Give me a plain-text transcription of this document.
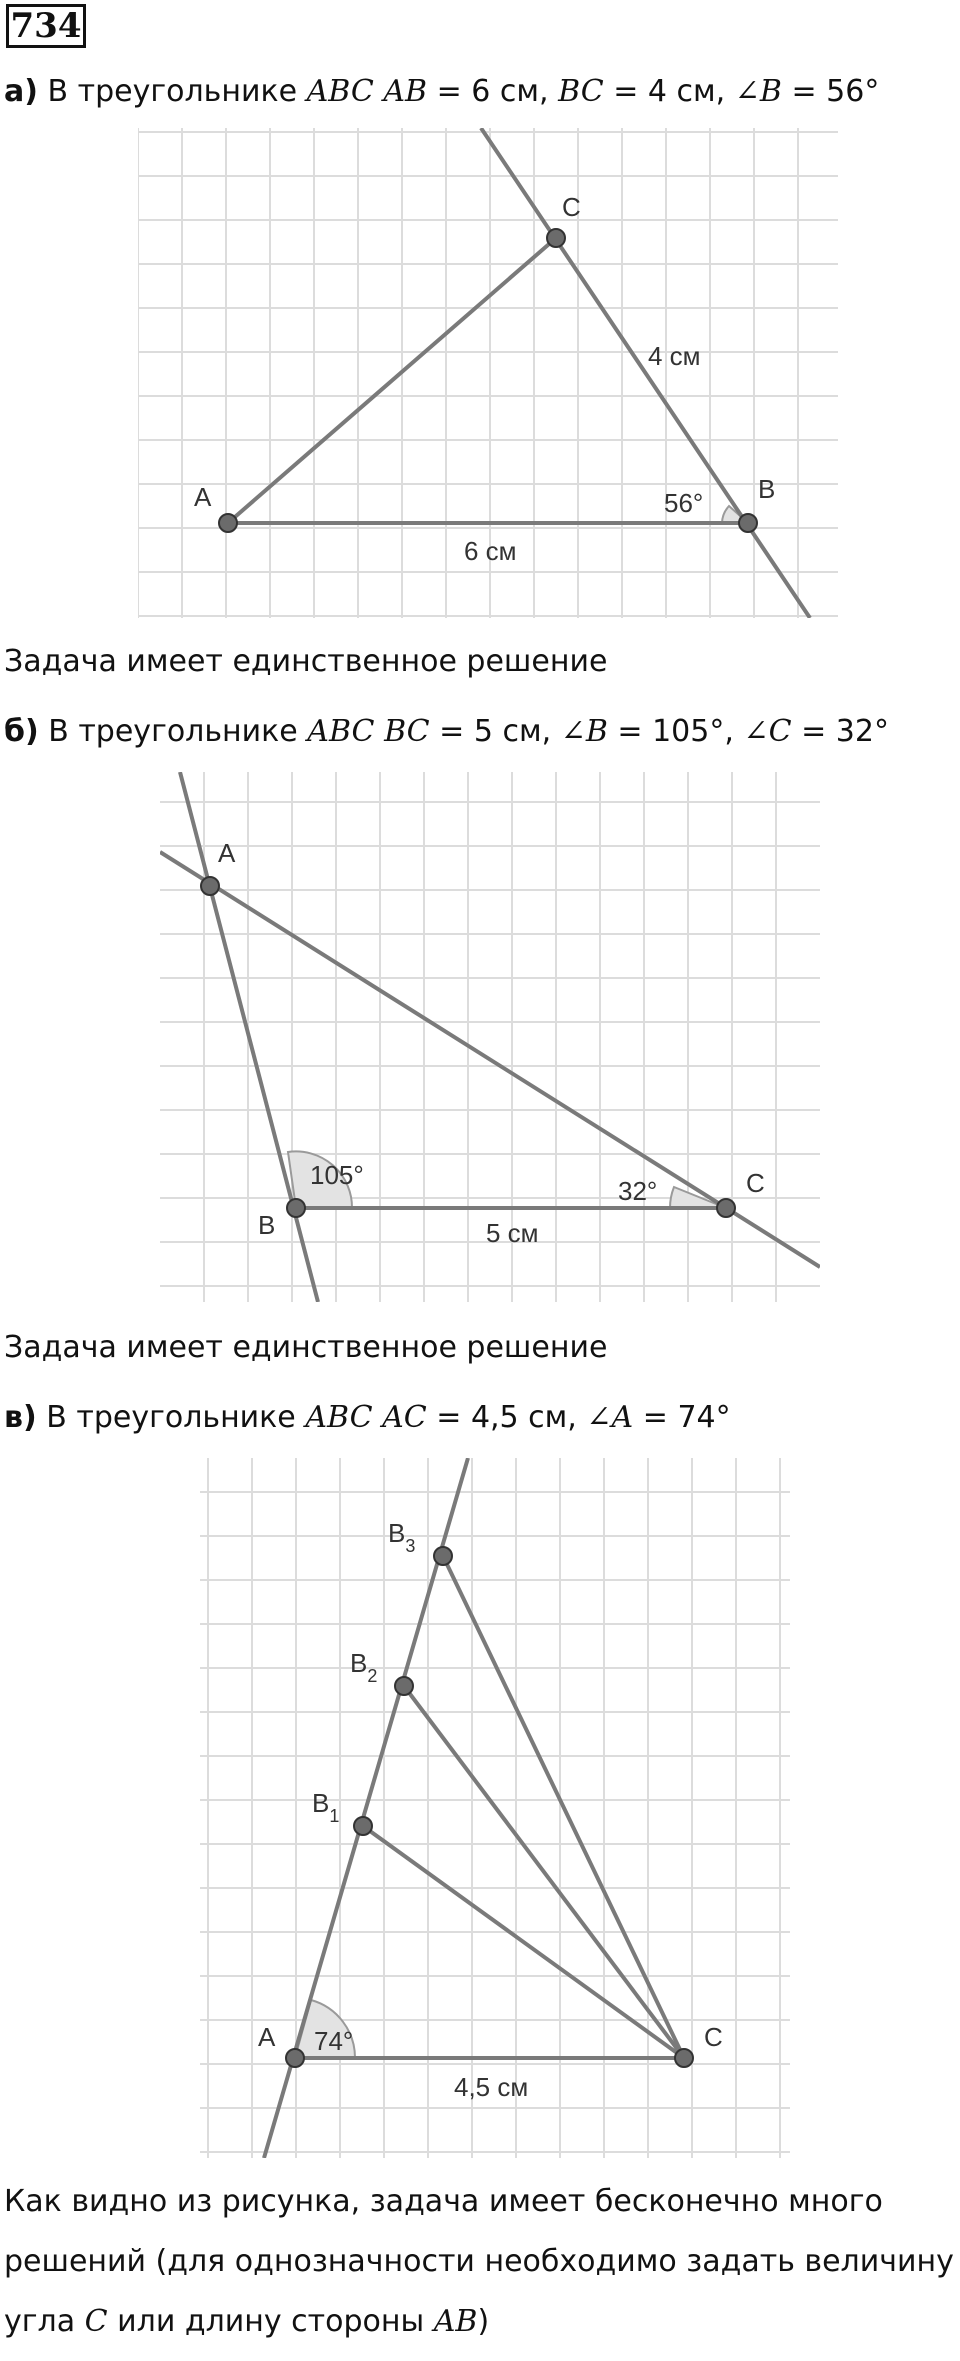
734
а) В треугольнике ABC AB = 6 см, BC = 4 см, ∠B = 56°
A
C
B
4 см
6 см
56°
Задача имеет единственное решение
б) В треугольнике ABC BC = 5 см, ∠B = 105°, ∠C = 32°
A
B
C
105°
32°
5 см
Задача имеет единственное решение
в) В треугольнике ABC AC = 4,5 см, ∠A = 74°
A	C
$B_1$
$B_2$
$B_3$
74°
4,5 см
Как видно из рисунка, задача имеет бесконечно много
решений (для однозначности необходимо задать величину
угла C или длину стороны AB)
